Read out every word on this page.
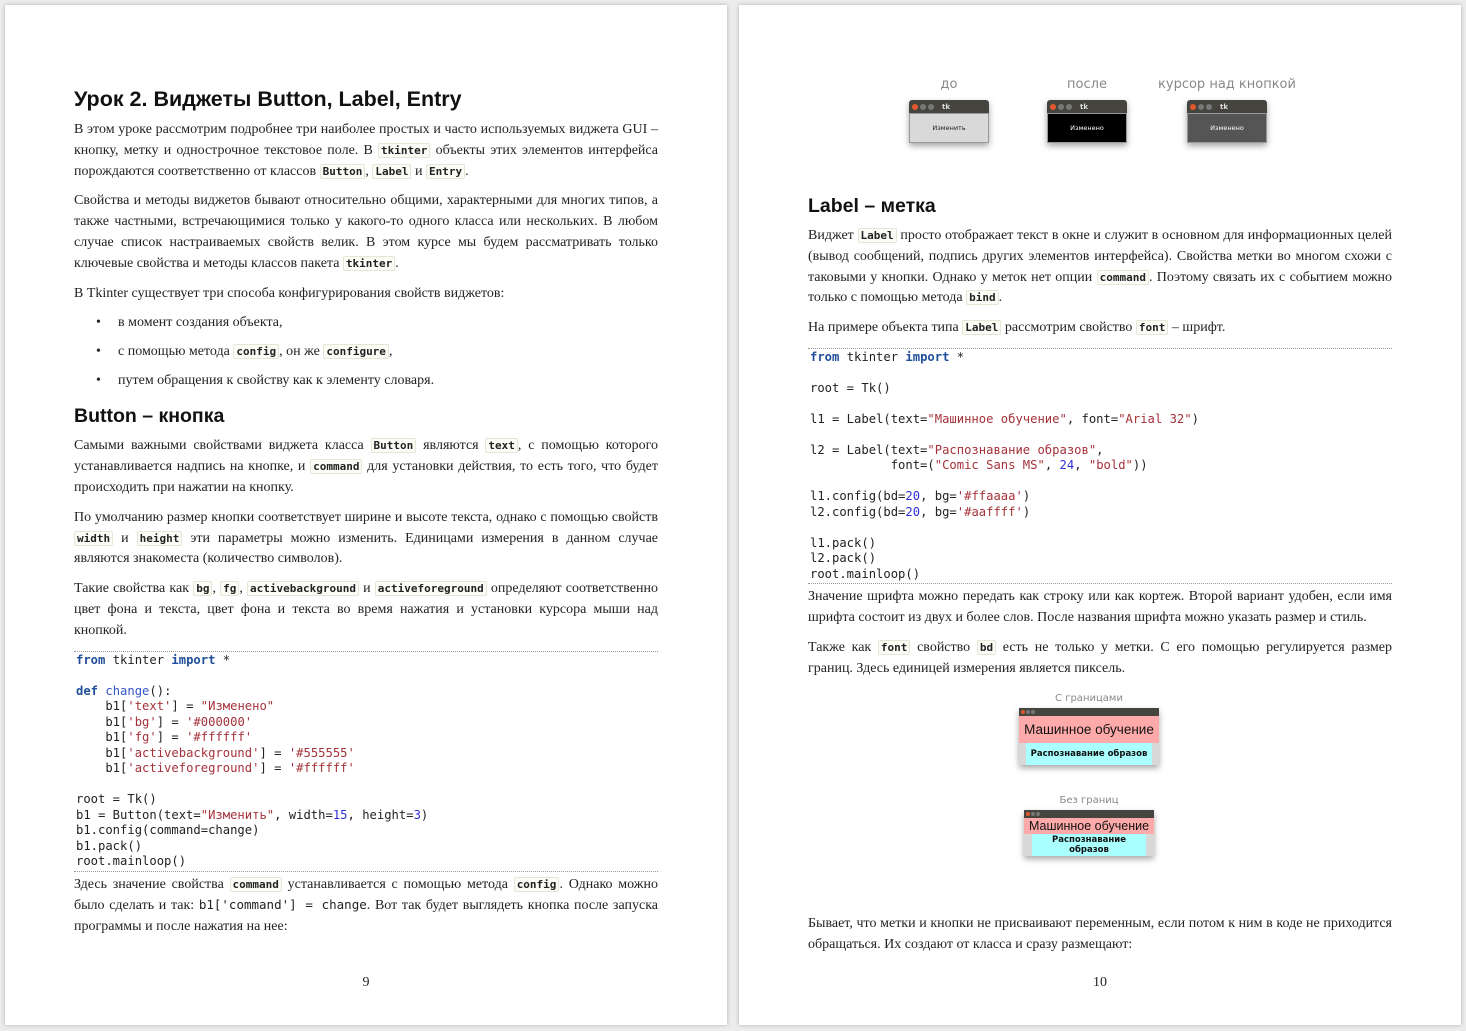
Урок 2. Виджеты Button, Label, Entry
В этом уроке рассмотрим подробнее три наиболее простых и часто используемых виджета GUI – кнопку, метку и однострочное текстовое поле. В tkinter объекты этих элементов интерфейса порождаются соответственно от классов Button , Label и Entry .
Свойства и методы виджетов бывают относительно общими, характерными для многих типов, а также частными, встречающимися только у какого-то одного класса или нескольких. В любом случае список настраиваемых свойств велик. В этом курсе мы будем рассматривать только ключевые свойства и методы классов пакета tkinter .
В Tkinter существует три способа конфигурирования свойств виджетов:
• в момент создания объекта,
• с помощью метода config , он же configure ,
• путем обращения к свойству как к элементу словаря.
Button – кнопка
Самыми важными свойствами виджета класса Button являются text , с помощью которого устанавливается надпись на кнопке, и command для установки действия, то есть того, что будет происходить при нажатии на кнопку.
По умолчанию размер кнопки соответствует ширине и высоте текста, однако с помощью свойств width и height эти параметры можно изменить. Единицами измерения в данном случае являются знакоместа (количество символов).
Такие свойства как bg , fg , activebackground и activeforeground определяют соответственно цвет фона и текста, цвет фона и текста во время нажатия и установки курсора мыши над кнопкой.
from tkinter import *
def change():
b1['text'] = "Изменено"
b1['bg'] = '#000000'
b1['fg'] = '#ffffff'
b1['activebackground'] = '#555555'
b1['activeforeground'] = '#ffffff'
root = Tk()
b1 = Button(text="Изменить", width=15, height=3)
b1.config(command=change)
b1.pack()
root.mainloop()
Здесь значение свойства command устанавливается с помощью метода config . Однако можно было сделать и так: b1['command'] = change. Вот так будет выглядеть кнопка после запуска программы и после нажатия на нее:
9
до
tk
Изменить
после
tk
Изменено
курсор над кнопкой
tk
Изменено
Label – метка
Виджет Label просто отображает текст в окне и служит в основном для информационных целей (вывод сообщений, подпись других элементов интерфейса). Свойства метки во многом схожи с таковыми у кнопки. Однако у меток нет опции command . Поэтому связать их с событием можно только с помощью метода bind .
На примере объекта типа Label рассмотрим свойство font – шрифт.
from tkinter import *
root = Tk()
l1 = Label(text="Машинное обучение", font="Arial 32")
l2 = Label(text="Распознавание образов",
font=("Comic Sans MS", 24, "bold"))
l1.config(bd=20, bg='#ffaaaa')
l2.config(bd=20, bg='#aaffff')
l1.pack()
l2.pack()
root.mainloop()
Значение шрифта можно передать как строку или как кортеж. Второй вариант удобен, если имя шрифта состоит из двух и более слов. После названия шрифта можно указать размер и стиль.
Также как font свойство bd есть не только у метки. С его помощью регулируется размер границ. Здесь единицей измерения является пиксель.
С границами
Машинное обучение
Распознавание образов
Без границ
Машинное обучение
Распознавание образов
Бывает, что метки и кнопки не присваивают переменным, если потом к ним в коде не приходится обращаться. Их создают от класса и сразу размещают:
10
